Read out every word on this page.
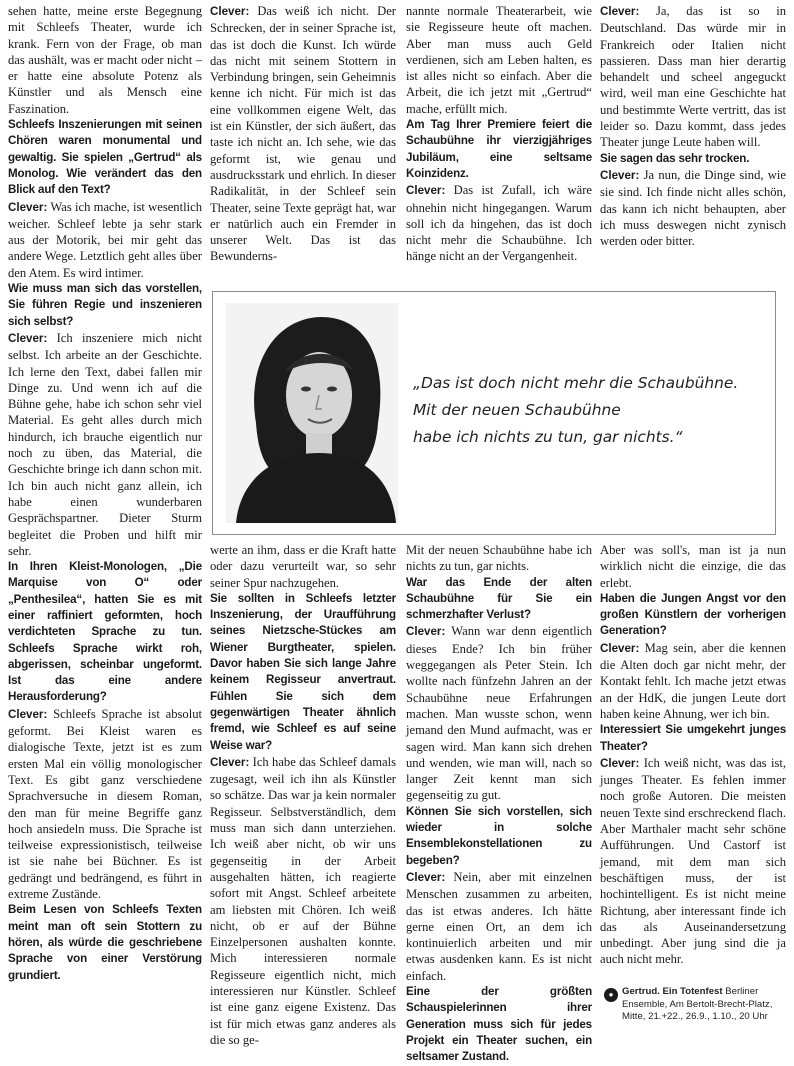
sehen hatte, meine erste Begegnung mit Schleefs Theater, wurde ich krank. Fern von der Frage, ob man das aushält, was er macht oder nicht – er hatte eine absolute Potenz als Künstler und als Mensch eine Faszination.

Schleefs Inszenierungen mit seinen Chören waren monumental und gewaltig. Sie spielen „Gertrud“ als Monolog. Wie verändert das den Blick auf den Text?

Clever: Was ich mache, ist wesentlich weicher. Schleef lebte ja sehr stark aus der Motorik, bei mir geht das andere Wege. Letztlich geht alles über den Atem. Es wird intimer.

Wie muss man sich das vorstellen, Sie führen Regie und inszenieren sich selbst?

Clever: Ich inszeniere mich nicht selbst. Ich arbeite an der Geschichte. Ich lerne den Text, dabei fallen mir Dinge zu. Und wenn ich auf die Bühne gehe, habe ich schon sehr viel Material. Es geht alles durch mich hindurch, ich brauche eigentlich nur noch zu üben, das Material, die Geschichte bringe ich dann schon mit. Ich bin auch nicht ganz allein, ich habe einen wunderbaren Gesprächspartner. Dieter Sturm begleitet die Proben und hilft mir sehr.

In Ihren Kleist-Monologen, „Die Marquise von O“ oder „Penthesilea“, hatten Sie es mit einer raffiniert geformten, hoch verdichteten Sprache zu tun. Schleefs Sprache wirkt roh, abgerissen, scheinbar ungeformt. Ist das eine andere Herausforderung?

Clever: Schleefs Sprache ist absolut geformt. Bei Kleist waren es dialogische Texte, jetzt ist es zum ersten Mal ein völlig monologischer Text. Es gibt ganz verschiedene Sprachversuche in diesem Roman, den man für meine Begriffe ganz hoch ansiedeln muss. Die Sprache ist teilweise expressionistisch, teilweise ist sie nahe bei Büchner. Es ist gedrängt und bedrängend, es führt in extreme Zustände.

Beim Lesen von Schleefs Texten meint man oft sein Stottern zu hören, als würde die geschriebene Sprache von einer Verstörung grundiert.

Clever: Das weiß ich nicht. Der Schrecken, der in seiner Sprache ist, das ist doch die Kunst. Ich würde das nicht mit seinem Stottern in Verbindung bringen, sein Geheimnis kenne ich nicht. Für mich ist das eine vollkommen eigene Welt, das ist ein Künstler, der sich äußert, das taste ich nicht an. Ich sehe, wie das geformt ist, wie genau und ausdrucksstark und ehrlich. In dieser Radikalität, in der Schleef sein Theater, seine Texte geprägt hat, war er natürlich auch ein Fremder in unserer Welt. Das ist das Bewunderns-

nannte normale Theaterarbeit, wie sie Regisseure heute oft machen. Aber man muss auch Geld verdienen, sich am Leben halten, es ist alles nicht so einfach. Aber die Arbeit, die ich jetzt mit „Gertrud“ mache, erfüllt mich.

Am Tag Ihrer Premiere feiert die Schaubühne ihr vierzigjähriges Jubiläum, eine seltsame Koinzidenz.

Clever: Das ist Zufall, ich wäre ohnehin nicht hingegangen. Warum soll ich da hingehen, das ist doch nicht mehr die Schaubühne. Ich hänge nicht an der Vergangenheit.

Clever: Ja, das ist so in Deutschland. Das würde mir in Frankreich oder Italien nicht passieren. Dass man hier derartig behandelt und scheel angeguckt wird, weil man eine Geschichte hat und bestimmte Werte vertritt, das ist leider so. Dazu kommt, dass jedes Theater junge Leute haben will.

Sie sagen das sehr trocken.

Clever: Ja nun, die Dinge sind, wie sie sind. Ich finde nicht alles schön, das kann ich nicht behaupten, aber ich muss deswegen nicht zynisch werden oder bitter.

„Das ist doch nicht mehr die Schaubühne.
Mit der neuen Schaubühne
habe ich nichts zu tun, gar nichts.“

werte an ihm, dass er die Kraft hatte oder dazu verurteilt war, so sehr seiner Spur nachzugehen.

Sie sollten in Schleefs letzter Inszenierung, der Uraufführung seines Nietzsche-Stückes am Wiener Burgtheater, spielen. Davor haben Sie sich lange Jahre keinem Regisseur anvertraut. Fühlen Sie sich dem gegenwärtigen Theater ähnlich fremd, wie Schleef es auf seine Weise war?

Clever: Ich habe das Schleef damals zugesagt, weil ich ihn als Künstler so schätze. Das war ja kein normaler Regisseur. Selbstverständlich, dem muss man sich dann unterziehen. Ich weiß aber nicht, ob wir uns gegenseitig in der Arbeit ausgehalten hätten, ich reagierte sofort mit Angst. Schleef arbeitete am liebsten mit Chören. Ich weiß nicht, ob er auf der Bühne Einzelpersonen aushalten konnte. Mich interessieren normale Regisseure eigentlich nicht, mich interessieren nur Künstler. Schleef ist eine ganz eigene Existenz. Das ist für mich etwas ganz anderes als die so ge-

Mit der neuen Schaubühne habe ich nichts zu tun, gar nichts.

War das Ende der alten Schaubühne für Sie ein schmerzhafter Verlust?

Clever: Wann war denn eigentlich dieses Ende? Ich bin früher weggegangen als Peter Stein. Ich wollte nach fünfzehn Jahren an der Schaubühne neue Erfahrungen machen. Man wusste schon, wenn jemand den Mund aufmacht, was er sagen wird. Man kann sich drehen und wenden, wie man will, nach so langer Zeit kennt man sich gegenseitig zu gut.

Können Sie sich vorstellen, sich wieder in solche Ensemblekonstellationen zu begeben?

Clever: Nein, aber mit einzelnen Menschen zusammen zu arbeiten, das ist etwas anderes. Ich hätte gerne einen Ort, an dem ich kontinuierlich arbeiten und mir etwas ausdenken kann. Es ist nicht einfach.

Eine der größten Schauspielerinnen ihrer Generation muss sich für jedes Projekt ein Theater suchen, ein seltsamer Zustand.

Aber was soll's, man ist ja nun wirklich nicht die einzige, die das erlebt.

Haben die Jungen Angst vor den großen Künstlern der vorherigen Generation?

Clever: Mag sein, aber die kennen die Alten doch gar nicht mehr, der Kontakt fehlt. Ich mache jetzt etwas an der HdK, die jungen Leute dort haben keine Ahnung, wer ich bin.

Interessiert Sie umgekehrt junges Theater?

Clever: Ich weiß nicht, was das ist, junges Theater. Es fehlen immer noch große Autoren. Die meisten neuen Texte sind erschreckend flach. Aber Marthaler macht sehr schöne Aufführungen. Und Castorf ist jemand, mit dem man sich beschäftigen muss, der ist hochintelligent. Es ist nicht meine Richtung, aber interessant finde ich das als Auseinandersetzung unbedingt. Aber jung sind die ja auch nicht mehr.

● Gertrud. Ein Totenfest Berliner Ensemble, Am Bertolt-Brecht-Platz, Mitte, 21.+22., 26.9., 1.10., 20 Uhr
